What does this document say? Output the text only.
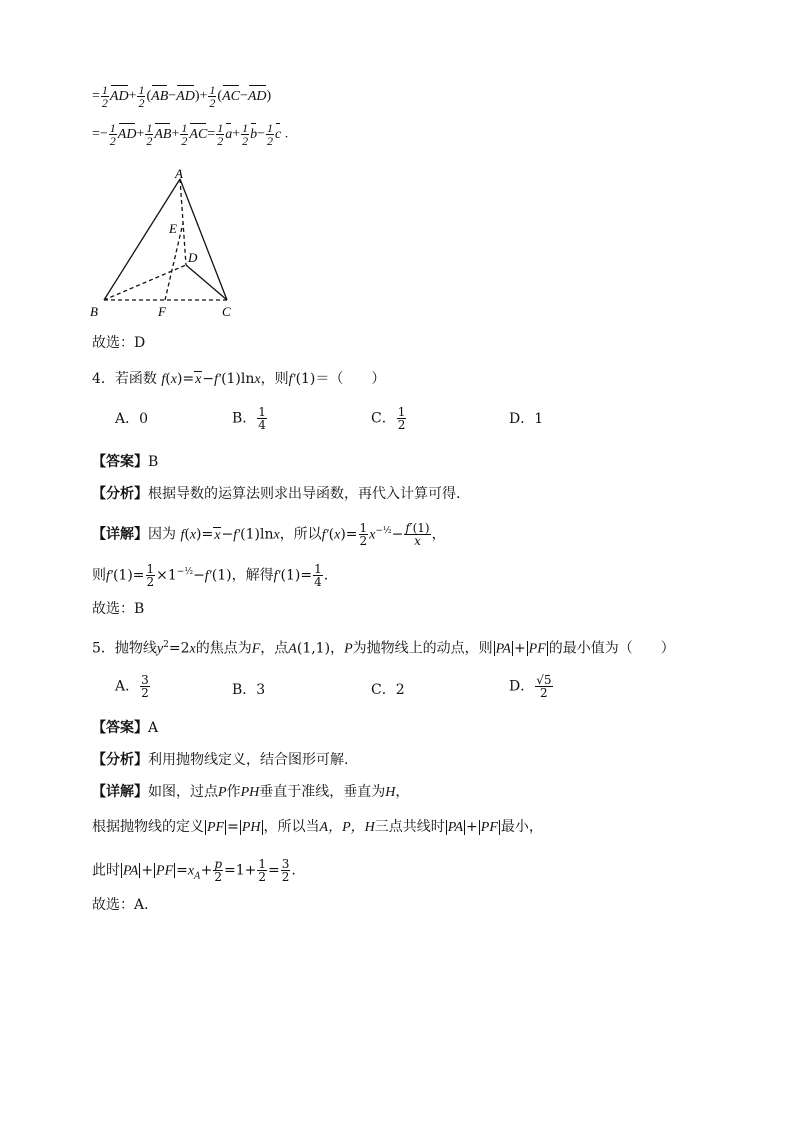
= $\frac{1}{2} AD+ \frac{1}{2} (AB-AD)+ \frac{1}{2} (AC-AD)$
=− $\frac{1}{2} AD+ \frac{1}{2} AB+ \frac{1}{2} AC= \frac{1}{2} a+ \frac{1}{2} b- \frac{1}{2}$ c .
A
B	C
D
E
F
故选：D
4．若函数 f(x)=x−f′(1)lnx，则f′(1)＝（　　）
A．0	B． $\frac{1}{4}$	C． $\frac{1}{2}$	D．1
【答案】B
【分析】根据导数的运算法则求出导函数，再代入计算可得.
【详解】因为 f(x)=x−f′(1)lnx，所以$f'(x)= \frac{1}{2} x^{-\frac{1}{2}}- \frac{f'(1)}{x}$ ，
则$f'(1)= \frac{1}{2} \times 1^{-\frac{1}{2}}-f'(1)$，解得$f'(1)= \frac{1}{4}$ .
故选：B
5．抛物线$y^2=2x$的焦点为F，点A(1,1)，P为抛物线上的动点，则 PA + PF 的最小值为（　　）
A． $\frac{3}{2}$	B．3	C．2	D． $\frac{√5}{2}$
【答案】A
【分析】利用抛物线定义，结合图形可解.
【详解】如图，过点P作PH垂直于准线，垂直为H，
根据抛物线的定义 PF = PH ，所以当A，P，H三点共线时 PA + PF 最小，
此时 PA + PF $=x_A+ \frac{p}{2} =1+ \frac{1}{2} = \frac{3}{2}$ .
故选：A．
